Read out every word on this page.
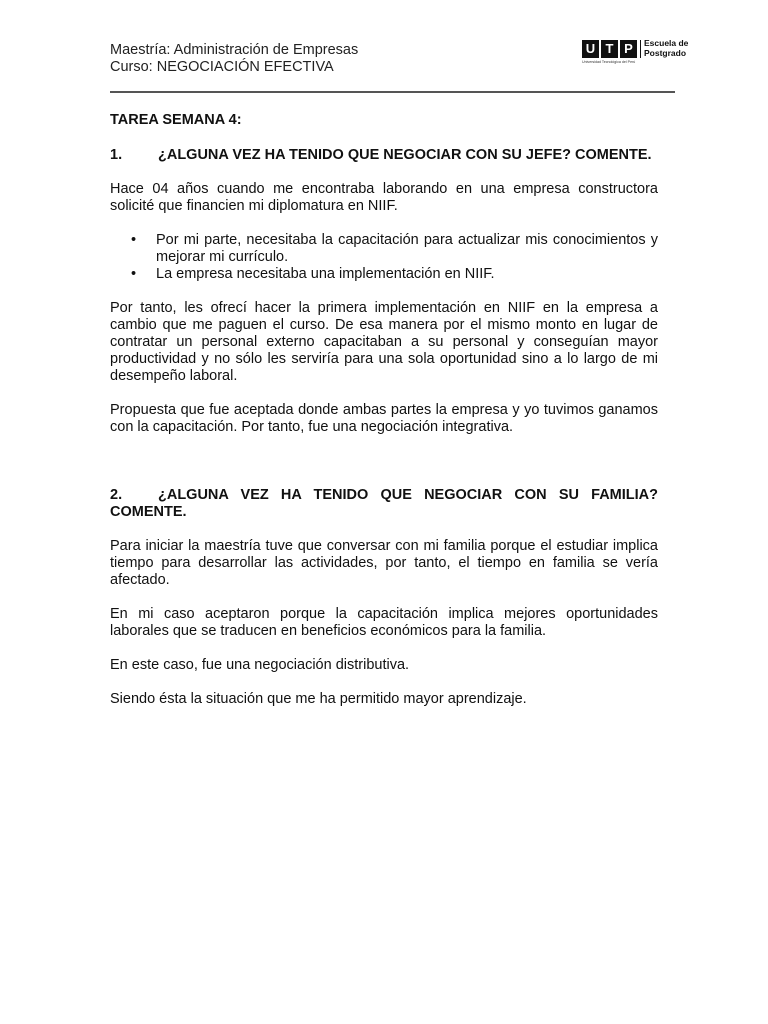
Maestría: Administración de Empresas
Curso: NEGOCIACIÓN EFECTIVA
U T P	Escuela de
Postgrado
Universidad Tecnológica del Perú
TAREA SEMANA 4:
1. ¿ALGUNA VEZ HA TENIDO QUE NEGOCIAR CON SU JEFE? COMENTE.
Hace 04 años cuando me encontraba laborando en una empresa constructora solicité que financien mi diplomatura en NIIF.
• Por mi parte, necesitaba la capacitación para actualizar mis conocimientos y mejorar mi currículo.
• La empresa necesitaba una implementación en NIIF.
Por tanto, les ofrecí hacer la primera implementación en NIIF en la empresa a cambio que me paguen el curso. De esa manera por el mismo monto en lugar de contratar un personal externo capacitaban a su personal y conseguían mayor productividad y no sólo les serviría para una sola oportunidad sino a lo largo de mi desempeño laboral.
Propuesta que fue aceptada donde ambas partes la empresa y yo tuvimos ganamos con la capacitación. Por tanto, fue una negociación integrativa.
2. ¿ALGUNA VEZ HA TENIDO QUE NEGOCIAR CON SU FAMILIA? COMENTE.
Para iniciar la maestría tuve que conversar con mi familia porque el estudiar implica tiempo para desarrollar las actividades, por tanto, el tiempo en familia se vería afectado.
En mi caso aceptaron porque la capacitación implica mejores oportunidades laborales que se traducen en beneficios económicos para la familia.
En este caso, fue una negociación distributiva.
Siendo ésta la situación que me ha permitido mayor aprendizaje.
